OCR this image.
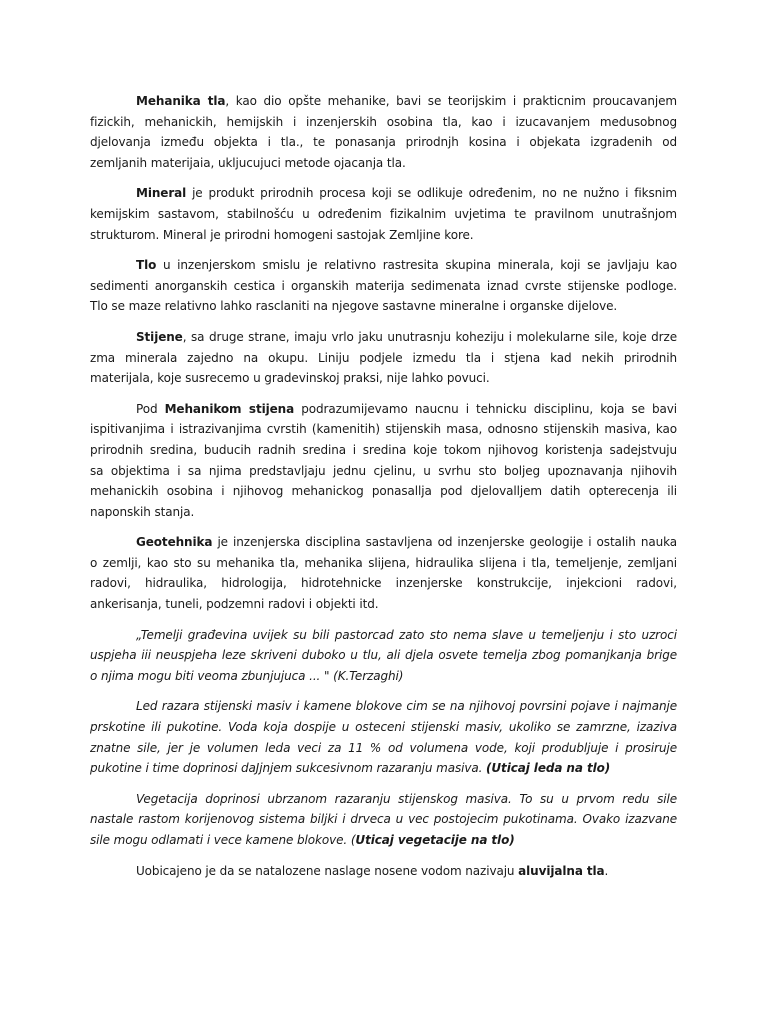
Mehanika tla, kao dio opšte mehanike, bavi se teorijskim i prakticnim proucavanjem
fizickih, mehanickih, hemijskih i inzenjerskih osobina tla, kao i izucavanjem medusobnog
djelovanja između objekta i tla., te ponasanja prirodnjh kosina i objekata izgradenih od
zemljanih materijaia, ukljucujuci metode ojacanja tla.
Mineral je produkt prirodnih procesa koji se odlikuje određenim, no ne nužno i fiksnim
kemijskim sastavom, stabilnošću u određenim fizikalnim uvjetima te pravilnom unutrašnjom
strukturom. Mineral je prirodni homogeni sastojak Zemljine kore.
Tlo u inzenjerskom smislu je relativno rastresita skupina minerala, koji se javljaju kao
sedimenti anorganskih cestica i organskih materija sedimenata iznad cvrste stijenske podloge.
Tlo se maze relativno lahko rasclaniti na njegove sastavne mineralne i organske dijelove.
Stijene, sa druge strane, imaju vrlo jaku unutrasnju koheziju i molekularne sile, koje drze
zma minerala zajedno na okupu. Liniju podjele izmedu tla i stjena kad nekih prirodnih
materijala, koje susrecemo u gradevinskoj praksi, nije lahko povuci.
Pod Mehanikom stijena podrazumijevamo naucnu i tehnicku disciplinu, koja se bavi
ispitivanjima i istrazivanjima cvrstih (kamenitih) stijenskih masa, odnosno stijenskih masiva, kao
prirodnih sredina, buducih radnih sredina i sredina koje tokom njihovog koristenja sadejstvuju
sa objektima i sa njima predstavljaju jednu cjelinu, u svrhu sto boljeg upoznavanja njihovih
mehanickih osobina i njihovog mehanickog ponasallja pod djelovalljem datih opterecenja ili
naponskih stanja.
Geotehnika je inzenjerska disciplina sastavljena od inzenjerske geologije i ostalih nauka
o zemlji, kao sto su mehanika tla, mehanika slijena, hidraulika slijena i tla, temeljenje, zemljani
radovi, hidraulika, hidrologija, hidrotehnicke inzenjerske konstrukcije, injekcioni radovi,
ankerisanja, tuneli, podzemni radovi i objekti itd.
„Temelji građevina uvijek su bili pastorcad zato sto nema slave u temeljenju i sto uzroci
uspjeha iii neuspjeha leze skriveni duboko u tlu, ali djela osvete temelja zbog pomanjkanja brige
o njima mogu biti veoma zbunjujuca ... " (K.Terzaghi)
Led razara stijenski masiv i kamene blokove cim se na njihovoj povrsini pojave i najmanje
prskotine ili pukotine. Voda koja dospije u osteceni stijenski masiv, ukoliko se zamrzne, izaziva
znatne sile, jer je volumen leda veci za 11 % od volumena vode, koji produbljuje i prosiruje
pukotine i time doprinosi daJjnjem sukcesivnom razaranju masiva. (Uticaj leda na tlo)
Vegetacija doprinosi ubrzanom razaranju stijenskog masiva. To su u prvom redu sile
nastale rastom korijenovog sistema biljki i drveca u vec postojecim pukotinama. Ovako izazvane
sile mogu odlamati i vece kamene blokove. (Uticaj vegetacije na tlo)
Uobicajeno je da se natalozene naslage nosene vodom nazivaju aluvijalna tla.
